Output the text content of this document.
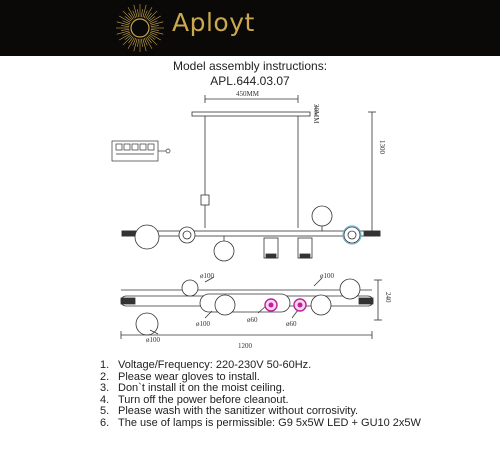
Aployt
Model assembly instructions:
APL.644.03.07
450MM
30MM
1300
1200
240
ø100	ø100
ø100
ø100
ø60	ø60
1. Voltage/Frequency: 220-230V 50-60Hz.
2. Please wear gloves to install.
3. Don`t install it on the moist ceiling.
4. Turn off the power before cleanout.
5. Please wash with the sanitizer without corrosivity.
6. The use of lamps is permissible: G9 5x5W LED + GU10 2x5W
